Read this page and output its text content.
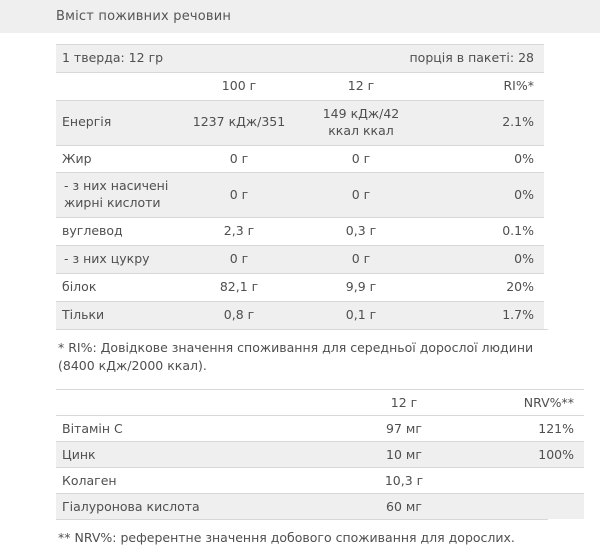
Вміст поживних речовин
1 тверда: 12 гр		порція в пакеті: 28	
	100 г	12 г	RI%*
Енергія	1237 кДж/351	149 кДж/42 ккал ккал	2.1%
Жир	0 г	0 г	0%
- з них насичені жирні кислоти	0 г	0 г	0%
вуглевод	2,3 г	0,3 г	0.1%
- з них цукру	0 г	0 г	0%
білок	82,1 г	9,9 г	20%
Тільки	0,8 г	0,1 г	1.7%
* RI%: Довідкове значення споживання для середньої дорослої людини (8400 кДж/2000 ккал).
	12 г	NRV%**
Вітамін С	97 мг	121%
Цинк	10 мг	100%
Колаген	10,3 г	
Гіалуронова кислота	60 мг	
** NRV%: референтне значення добового споживання для дорослих.
